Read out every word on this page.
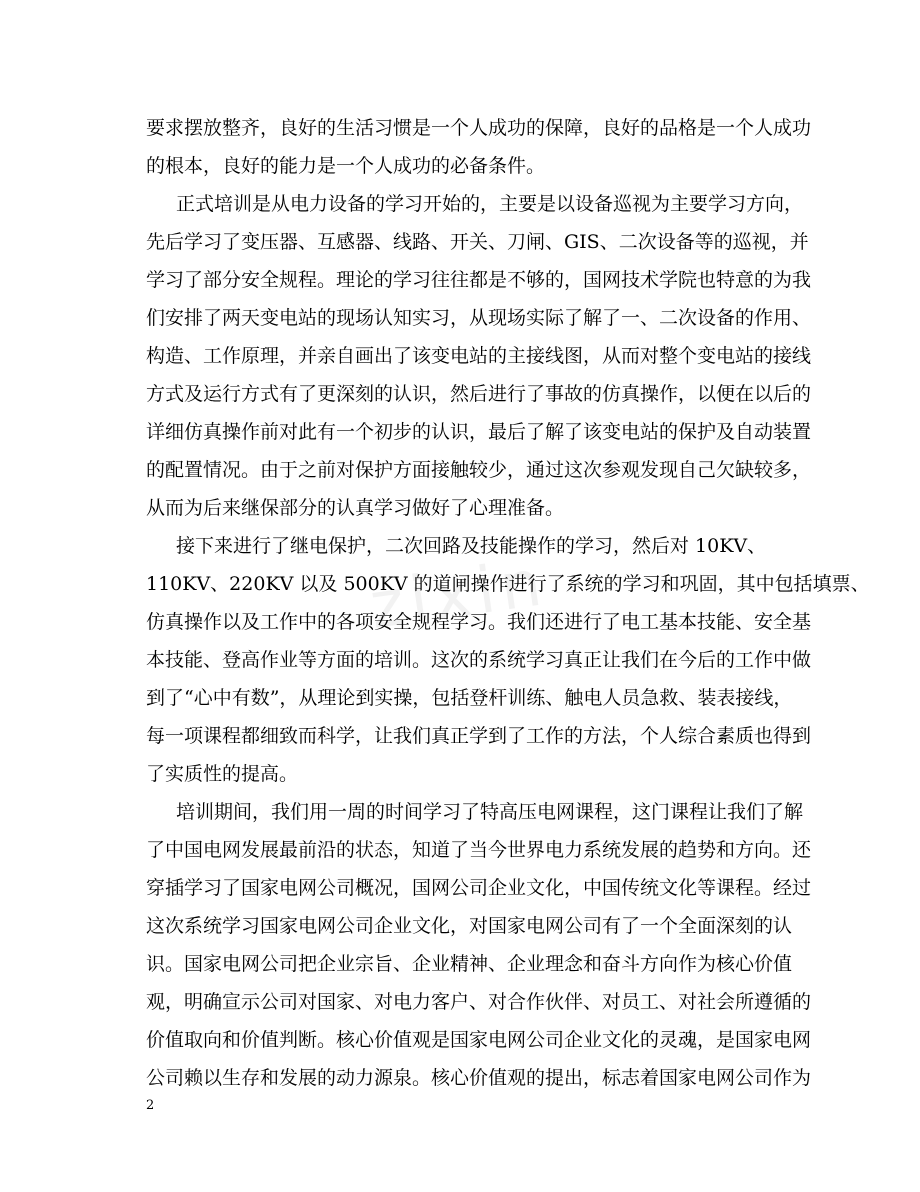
zixin
要求摆放整齐，良好的生活习惯是一个人成功的保障，良好的品格是一个人成功
的根本，良好的能力是一个人成功的必备条件。
正式培训是从电力设备的学习开始的，主要是以设备巡视为主要学习方向，
先后学习了变压器、互感器、线路、开关、刀闸、GIS、二次设备等的巡视，并
学习了部分安全规程。理论的学习往往都是不够的，国网技术学院也特意的为我
们安排了两天变电站的现场认知实习，从现场实际了解了一、二次设备的作用、
构造、工作原理，并亲自画出了该变电站的主接线图，从而对整个变电站的接线
方式及运行方式有了更深刻的认识，然后进行了事故的仿真操作，以便在以后的
详细仿真操作前对此有一个初步的认识，最后了解了该变电站的保护及自动装置
的配置情况。由于之前对保护方面接触较少，通过这次参观发现自己欠缺较多，
从而为后来继保部分的认真学习做好了心理准备。
接下来进行了继电保护，二次回路及技能操作的学习，然后对 10KV、
110KV、220KV 以及 500KV 的道闸操作进行了系统的学习和巩固，其中包括填票、
仿真操作以及工作中的各项安全规程学习。我们还进行了电工基本技能、安全基
本技能、登高作业等方面的培训。这次的系统学习真正让我们在今后的工作中做
到了“心中有数”，从理论到实操，包括登杆训练、触电人员急救、装表接线，
每一项课程都细致而科学，让我们真正学到了工作的方法，个人综合素质也得到
了实质性的提高。
培训期间，我们用一周的时间学习了特高压电网课程，这门课程让我们了解
了中国电网发展最前沿的状态，知道了当今世界电力系统发展的趋势和方向。还
穿插学习了国家电网公司概况，国网公司企业文化，中国传统文化等课程。经过
这次系统学习国家电网公司企业文化，对国家电网公司有了一个全面深刻的认
识。国家电网公司把企业宗旨、企业精神、企业理念和奋斗方向作为核心价值
观，明确宣示公司对国家、对电力客户、对合作伙伴、对员工、对社会所遵循的
价值取向和价值判断。核心价值观是国家电网公司企业文化的灵魂，是国家电网
公司赖以生存和发展的动力源泉。核心价值观的提出，标志着国家电网公司作为
2
